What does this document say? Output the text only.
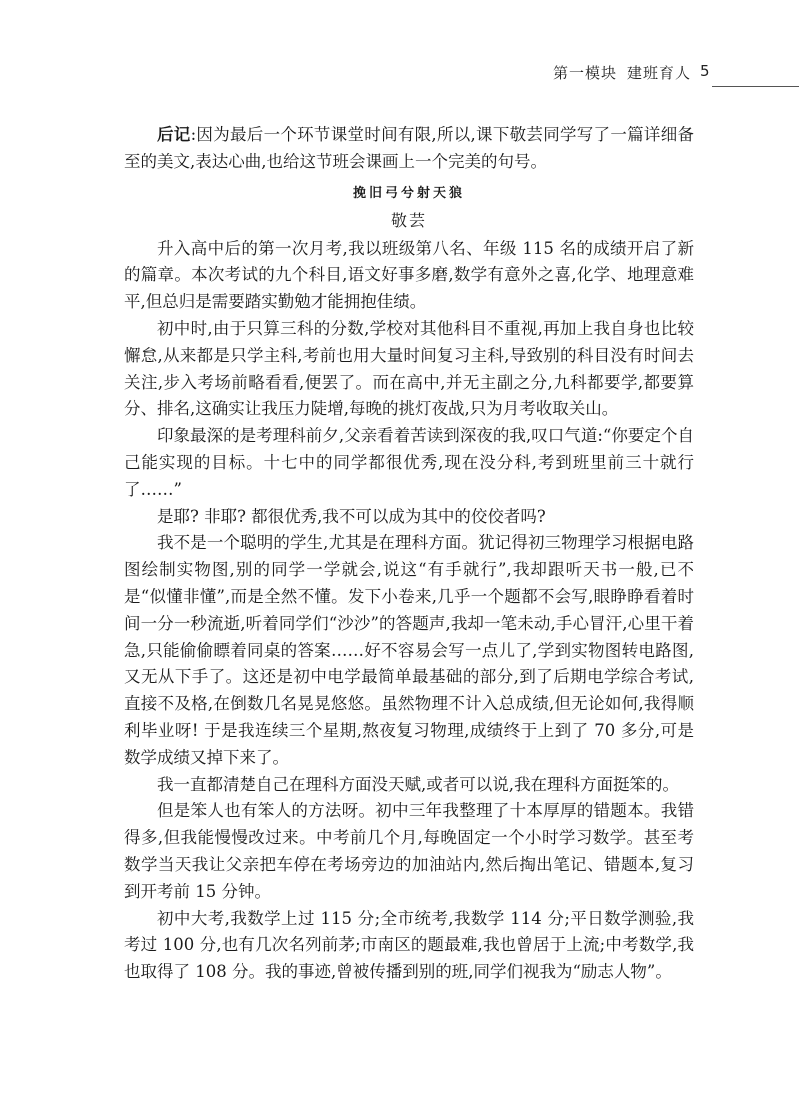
第一模块 建班育人 5

后记:因为最后一个环节课堂时间有限,所以,课下敬芸同学写了一篇详细备至的美文,表达心曲,也给这节班会课画上一个完美的句号。

挽旧弓兮射天狼
敬芸

升入高中后的第一次月考,我以班级第八名、年级 115 名的成绩开启了新的篇章。本次考试的九个科目,语文好事多磨,数学有意外之喜,化学、地理意难平,但总归是需要踏实勤勉才能拥抱佳绩。

初中时,由于只算三科的分数,学校对其他科目不重视,再加上我自身也比较懈怠,从来都是只学主科,考前也用大量时间复习主科,导致别的科目没有时间去关注,步入考场前略看看,便罢了。而在高中,并无主副之分,九科都要学,都要算分、排名,这确实让我压力陡增,每晚的挑灯夜战,只为月考收取关山。

印象最深的是考理科前夕,父亲看着苦读到深夜的我,叹口气道:“你要定个自己能实现的目标。十七中的同学都很优秀,现在没分科,考到班里前三十就行了……”

是耶? 非耶? 都很优秀,我不可以成为其中的佼佼者吗?

我不是一个聪明的学生,尤其是在理科方面。犹记得初三物理学习根据电路图绘制实物图,别的同学一学就会,说这“有手就行”,我却跟听天书一般,已不是“似懂非懂”,而是全然不懂。发下小卷来,几乎一个题都不会写,眼睁睁看着时间一分一秒流逝,听着同学们“沙沙”的答题声,我却一笔未动,手心冒汗,心里干着急,只能偷偷瞟着同桌的答案……好不容易会写一点儿了,学到实物图转电路图,又无从下手了。这还是初中电学最简单最基础的部分,到了后期电学综合考试,直接不及格,在倒数几名晃晃悠悠。虽然物理不计入总成绩,但无论如何,我得顺利毕业呀! 于是我连续三个星期,熬夜复习物理,成绩终于上到了 70 多分,可是数学成绩又掉下来了。

我一直都清楚自己在理科方面没天赋,或者可以说,我在理科方面挺笨的。

但是笨人也有笨人的方法呀。初中三年我整理了十本厚厚的错题本。我错得多,但我能慢慢改过来。中考前几个月,每晚固定一个小时学习数学。甚至考数学当天我让父亲把车停在考场旁边的加油站内,然后掏出笔记、错题本,复习到开考前 15 分钟。

初中大考,我数学上过 115 分;全市统考,我数学 114 分;平日数学测验,我考过 100 分,也有几次名列前茅;市南区的题最难,我也曾居于上流;中考数学,我也取得了 108 分。我的事迹,曾被传播到别的班,同学们视我为“励志人物”。
